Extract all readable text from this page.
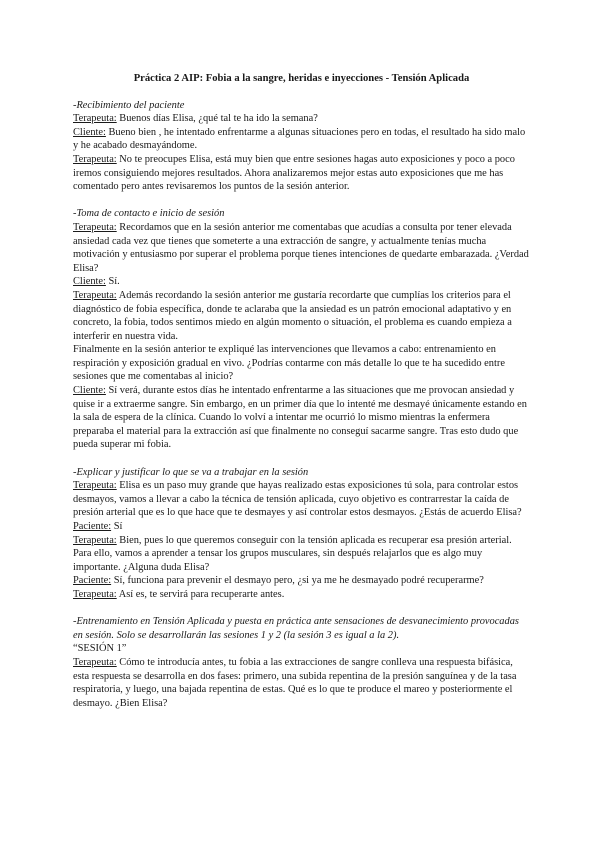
Práctica 2 AIP: Fobia a la sangre, heridas e inyecciones - Tensión Aplicada
-Recibimiento del paciente

Terapeuta: Buenos días Elisa, ¿qué tal te ha ido la semana?

Cliente: Bueno bien , he intentado enfrentarme a algunas situaciones pero en todas, el resultado ha sido malo y he acabado desmayándome.

Terapeuta: No te preocupes Elisa, está muy bien que entre sesiones hagas auto exposiciones y poco a poco iremos consiguiendo mejores resultados. Ahora analizaremos mejor estas auto exposiciones que me has comentado pero antes revisaremos los puntos de la sesión anterior.

-Toma de contacto e inicio de sesión

Terapeuta: Recordamos que en la sesión anterior me comentabas que acudías a consulta por tener elevada ansiedad cada vez que tienes que someterte a una extracción de sangre, y actualmente tenías mucha motivación y entusiasmo por superar el problema porque tienes intenciones de quedarte embarazada. ¿Verdad Elisa?

Cliente: Sí.

Terapeuta: Además recordando la sesión anterior me gustaría recordarte que cumplías los criterios para el diagnóstico de fobia específica, donde te aclaraba que la ansiedad es un patrón emocional adaptativo y en concreto, la fobia, todos sentimos miedo en algún momento o situación, el problema es cuando empieza a interferir en nuestra vida.

Finalmente en la sesión anterior te expliqué las intervenciones que llevamos a cabo: entrenamiento en respiración y exposición gradual en vivo. ¿Podrías contarme con más detalle lo que te ha sucedido entre sesiones que me comentabas al inicio?

Cliente: Sí verá, durante estos días he intentado enfrentarme a las situaciones que me provocan ansiedad y quise ir a extraerme sangre. Sin embargo, en un primer día que lo intenté me desmayé únicamente estando en la sala de espera de la clínica. Cuando lo volví a intentar me ocurrió lo mismo mientras la enfermera preparaba el material para la extracción así que finalmente no conseguí sacarme sangre. Tras esto dudo que pueda superar mi fobia.

-Explicar y justificar lo que se va a trabajar en la sesión

Terapeuta: Elisa es un paso muy grande que hayas realizado estas exposiciones tú sola, para controlar estos desmayos, vamos a llevar a cabo la técnica de tensión aplicada, cuyo objetivo es contrarrestar la caída de presión arterial que es lo que hace que te desmayes y así controlar estos desmayos. ¿Estás de acuerdo Elisa?

Paciente: Sí

Terapeuta: Bien, pues lo que queremos conseguir con la tensión aplicada es recuperar esa presión arterial. Para ello, vamos a aprender a tensar los grupos musculares, sin después relajarlos que es algo muy importante. ¿Alguna duda Elisa?

Paciente: Sí, funciona para prevenir el desmayo pero, ¿si ya me he desmayado podré recuperarme?

Terapeuta: Así es, te servirá para recuperarte antes.

-Entrenamiento en Tensión Aplicada y puesta en práctica ante sensaciones de desvanecimiento provocadas en sesión. Solo se desarrollarán las sesiones 1 y 2 (la sesión 3 es igual a la 2).
“SESIÓN 1”

Terapeuta: Cómo te introducía antes, tu fobia a las extracciones de sangre conlleva una respuesta bifásica, esta respuesta se desarrolla en dos fases: primero, una subida repentina de la presión sanguínea y de la tasa respiratoria, y luego, una bajada repentina de estas. Qué es lo que te produce el mareo y posteriormente el desmayo. ¿Bien Elisa?
